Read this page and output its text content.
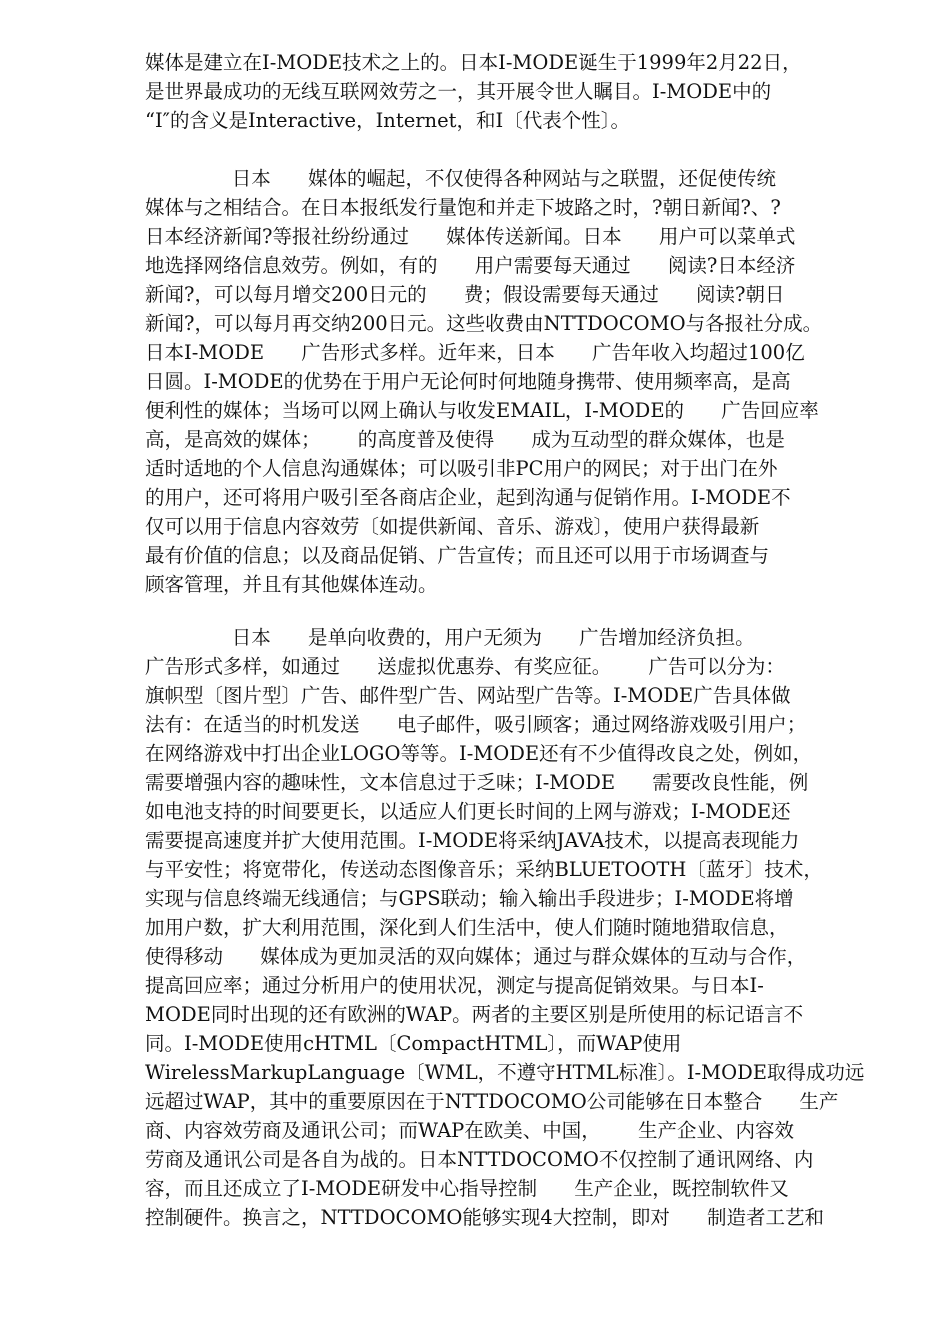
媒体是建立在I-MODE技术之上的。日本I-MODE诞生于1999年2月22日，
是世界最成功的无线互联网效劳之一，其开展令世人瞩目。I-MODE中的
“I″的含义是Interactive，Internet，和I〔代表个性〕。
日本      媒体的崛起，不仅使得各种网站与之联盟，还促使传统
媒体与之相结合。在日本报纸发行量饱和并走下坡路之时，?朝日新闻?、?
日本经济新闻?等报社纷纷通过      媒体传送新闻。日本      用户可以菜单式
地选择网络信息效劳。例如，有的      用户需要每天通过      阅读?日本经济
新闻?，可以每月增交200日元的      费；假设需要每天通过      阅读?朝日
新闻?，可以每月再交纳200日元。这些收费由NTTDOCOMO与各报社分成。
日本I-MODE      广告形式多样。近年来，日本      广告年收入均超过100亿
日圆。I-MODE的优势在于用户无论何时何地随身携带、使用频率高，是高
便利性的媒体；当场可以网上确认与收发EMAIL，I-MODE的      广告回应率
高，是高效的媒体；      的高度普及使得      成为互动型的群众媒体，也是
适时适地的个人信息沟通媒体；可以吸引非PC用户的网民；对于出门在外
的用户，还可将用户吸引至各商店企业，起到沟通与促销作用。I-MODE不
仅可以用于信息内容效劳〔如提供新闻、音乐、游戏〕，使用户获得最新
最有价值的信息；以及商品促销、广告宣传；而且还可以用于市场调查与
顾客管理，并且有其他媒体连动。
日本      是单向收费的，用户无须为      广告增加经济负担。
广告形式多样，如通过      送虚拟优惠券、有奖应征。      广告可以分为：
旗帜型〔图片型〕广告、邮件型广告、网站型广告等。I-MODE广告具体做
法有：在适当的时机发送      电子邮件，吸引顾客；通过网络游戏吸引用户；
在网络游戏中打出企业LOGO等等。I-MODE还有不少值得改良之处，例如，
需要增强内容的趣味性，文本信息过于乏味；I-MODE      需要改良性能，例
如电池支持的时间要更长，以适应人们更长时间的上网与游戏；I-MODE还
需要提高速度并扩大使用范围。I-MODE将采纳JAVA技术，以提高表现能力
与平安性；将宽带化，传送动态图像音乐；采纳BLUETOOTH〔蓝牙〕技术，
实现与信息终端无线通信；与GPS联动；输入输出手段进步；I-MODE将增
加用户数，扩大利用范围，深化到人们生活中，使人们随时随地猎取信息，
使得移动      媒体成为更加灵活的双向媒体；通过与群众媒体的互动与合作，
提高回应率；通过分析用户的使用状况，测定与提高促销效果。与日本I-
MODE同时出现的还有欧洲的WAP。两者的主要区别是所使用的标记语言不
同。I-MODE使用cHTML〔CompactHTML〕，而WAP使用
WirelessMarkupLanguage〔WML，不遵守HTML标准〕。I-MODE取得成功远
远超过WAP，其中的重要原因在于NTTDOCOMO公司能够在日本整合      生产
商、内容效劳商及通讯公司；而WAP在欧美、中国，      生产企业、内容效
劳商及通讯公司是各自为战的。日本NTTDOCOMO不仅控制了通讯网络、内
容，而且还成立了I-MODE研发中心指导控制      生产企业，既控制软件又
控制硬件。换言之，NTTDOCOMO能够实现4大控制，即对      制造者工艺和
